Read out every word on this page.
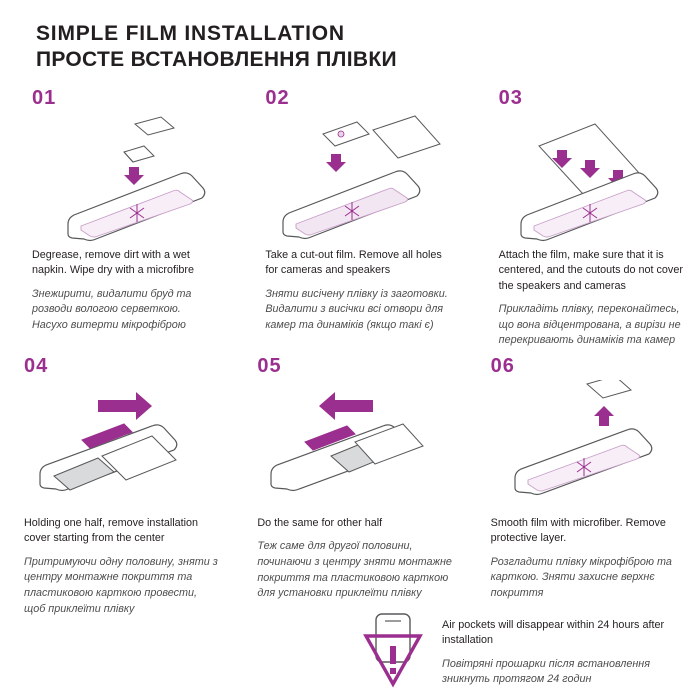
SIMPLE FILM INSTALLATION
ПРОСТЕ ВСТАНОВЛЕННЯ ПЛІВКИ
01

Degrease, remove dirt with a wet napkin. Wipe dry with a microfibre

Знежирити, видалити бруд та розводи вологою серветкою. Насухо витерти мікрофіброю

02

Take a cut-out film. Remove all holes for cameras and speakers

Зняти висічену плівку із заготовки. Видалити з висічки всі отвори для камер та динаміків (якщо такі є)

03

Attach the film, make sure that it is centered, and the cutouts do not cover the speakers and cameras

Прикладіть плівку, переконайтесь, що вона відцентрована, а вирізи не перекривають динаміків та камер

04

Holding one half, remove installation cover starting from the center

Притримуючи одну половину, зняти з центру монтажне покриття та пластиковою карткою провести, щоб приклеїти плівку

05

Do the same for other half

Теж саме для другої половини, починаючи з центру зняти монтажне покриття та пластиковою карткою для установки приклеїти плівку

06

Smooth film with microfiber. Remove protective layer.

Розгладити плівку мікрофіброю та карткою. Зняти захисне верхнє покриття

Air pockets will disappear within 24 hours after installation

Повітряні прошарки після встановлення зникнуть протягом 24 годин
